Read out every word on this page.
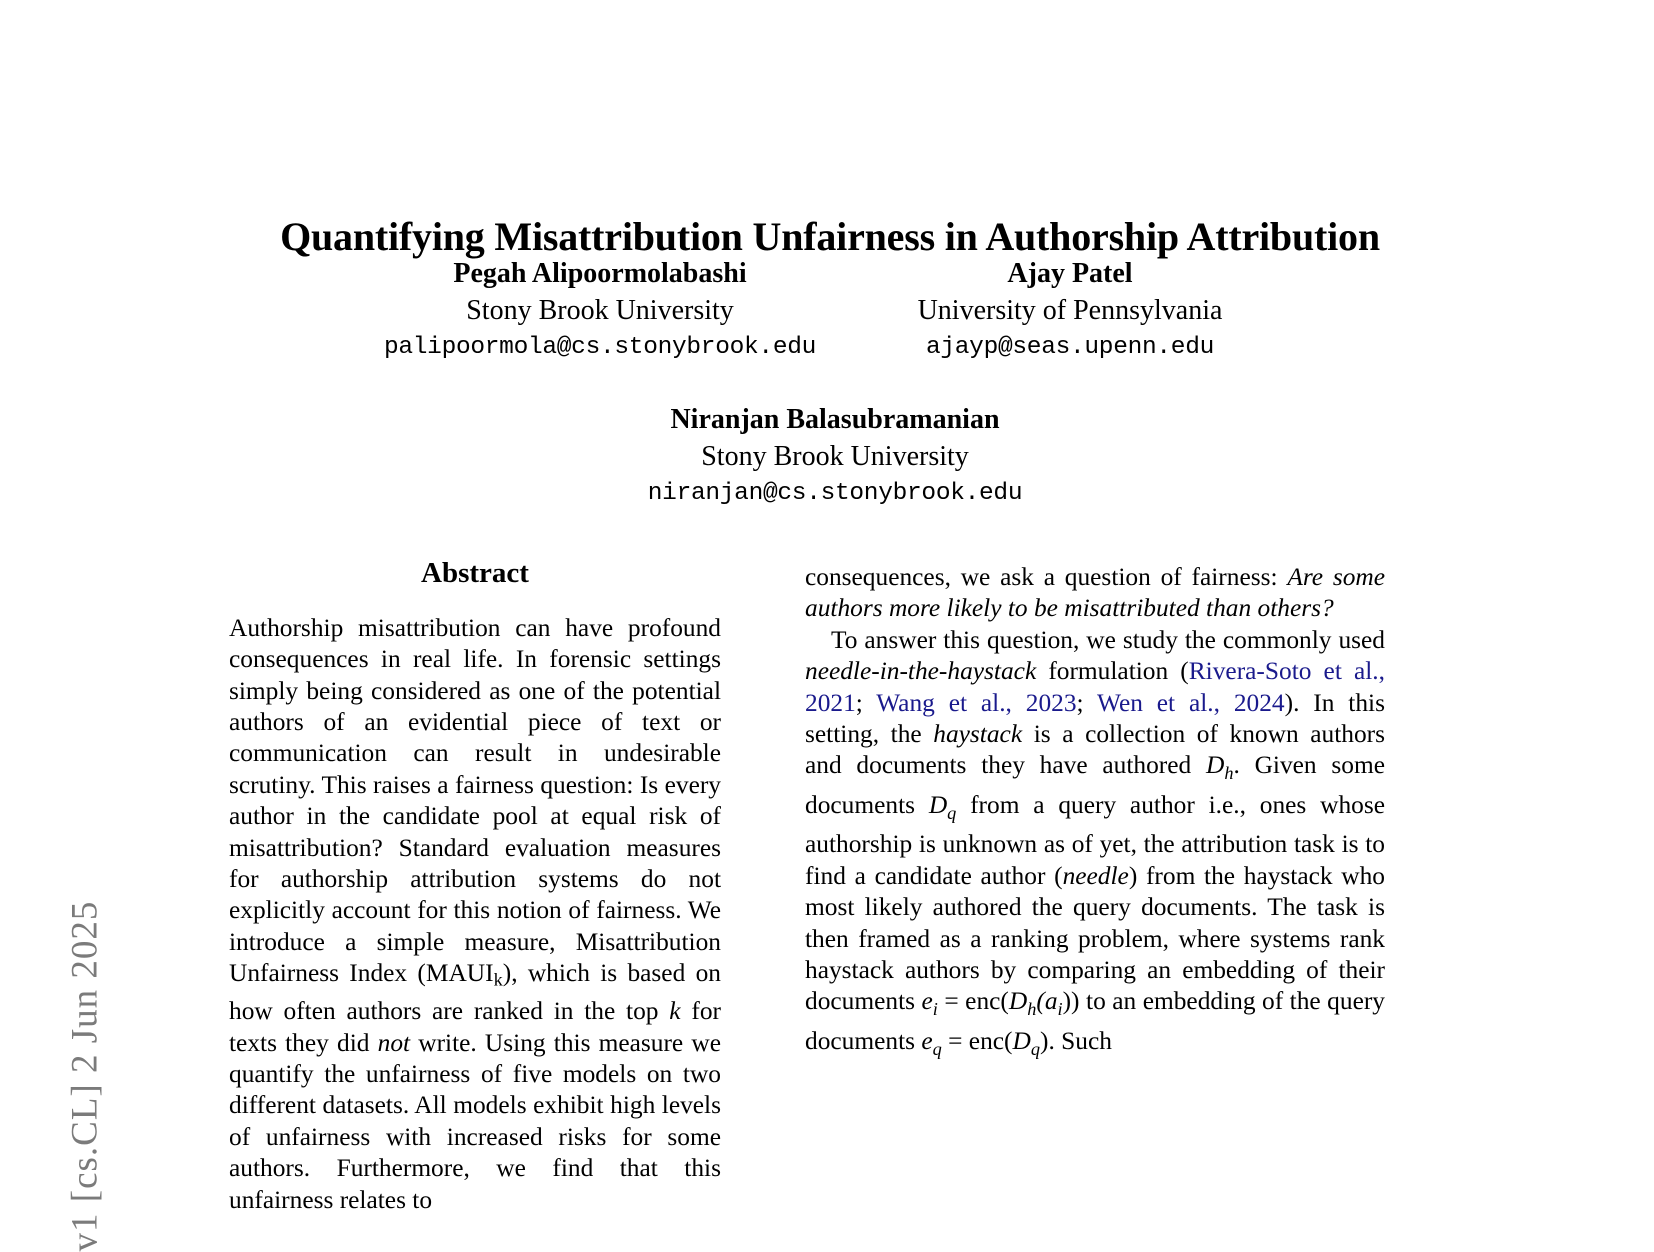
v1 [cs.CL] 2 Jun 2025
Quantifying Misattribution Unfairness in Authorship Attribution
Pegah Alipoormolabashi
Stony Brook University
palipoormola@cs.stonybrook.edu
Ajay Patel
University of Pennsylvania
ajayp@seas.upenn.edu
Niranjan Balasubramanian
Stony Brook University
niranjan@cs.stonybrook.edu
Abstract

Authorship misattribution can have profound consequences in real life. In forensic settings simply being considered as one of the potential authors of an evidential piece of text or communication can result in undesirable scrutiny. This raises a fairness question: Is every author in the candidate pool at equal risk of misattribution? Standard evaluation measures for authorship attribution systems do not explicitly account for this notion of fairness. We introduce a simple measure, Misattribution Unfairness Index (MAUIk), which is based on how often authors are ranked in the top k for texts they did not write. Using this measure we quantify the unfairness of five models on two different datasets. All models exhibit high levels of unfairness with increased risks for some authors. Furthermore, we find that this unfairness relates to

consequences, we ask a question of fairness: Are some authors more likely to be misattributed than others?

To answer this question, we study the commonly used needle-in-the-haystack formulation (Rivera-Soto et al., 2021; Wang et al., 2023; Wen et al., 2024). In this setting, the haystack is a collection of known authors and documents they have authored $D_h$. Given some documents $D_q$ from a query author i.e., ones whose authorship is unknown as of yet, the attribution task is to find a candidate author (needle) from the haystack who most likely authored the query documents. The task is then framed as a ranking problem, where systems rank haystack authors by comparing an embedding of their documents $e_i = enc(D_h(a_i))$ to an embedding of the query documents $e_q = enc(D_q)$. Such
